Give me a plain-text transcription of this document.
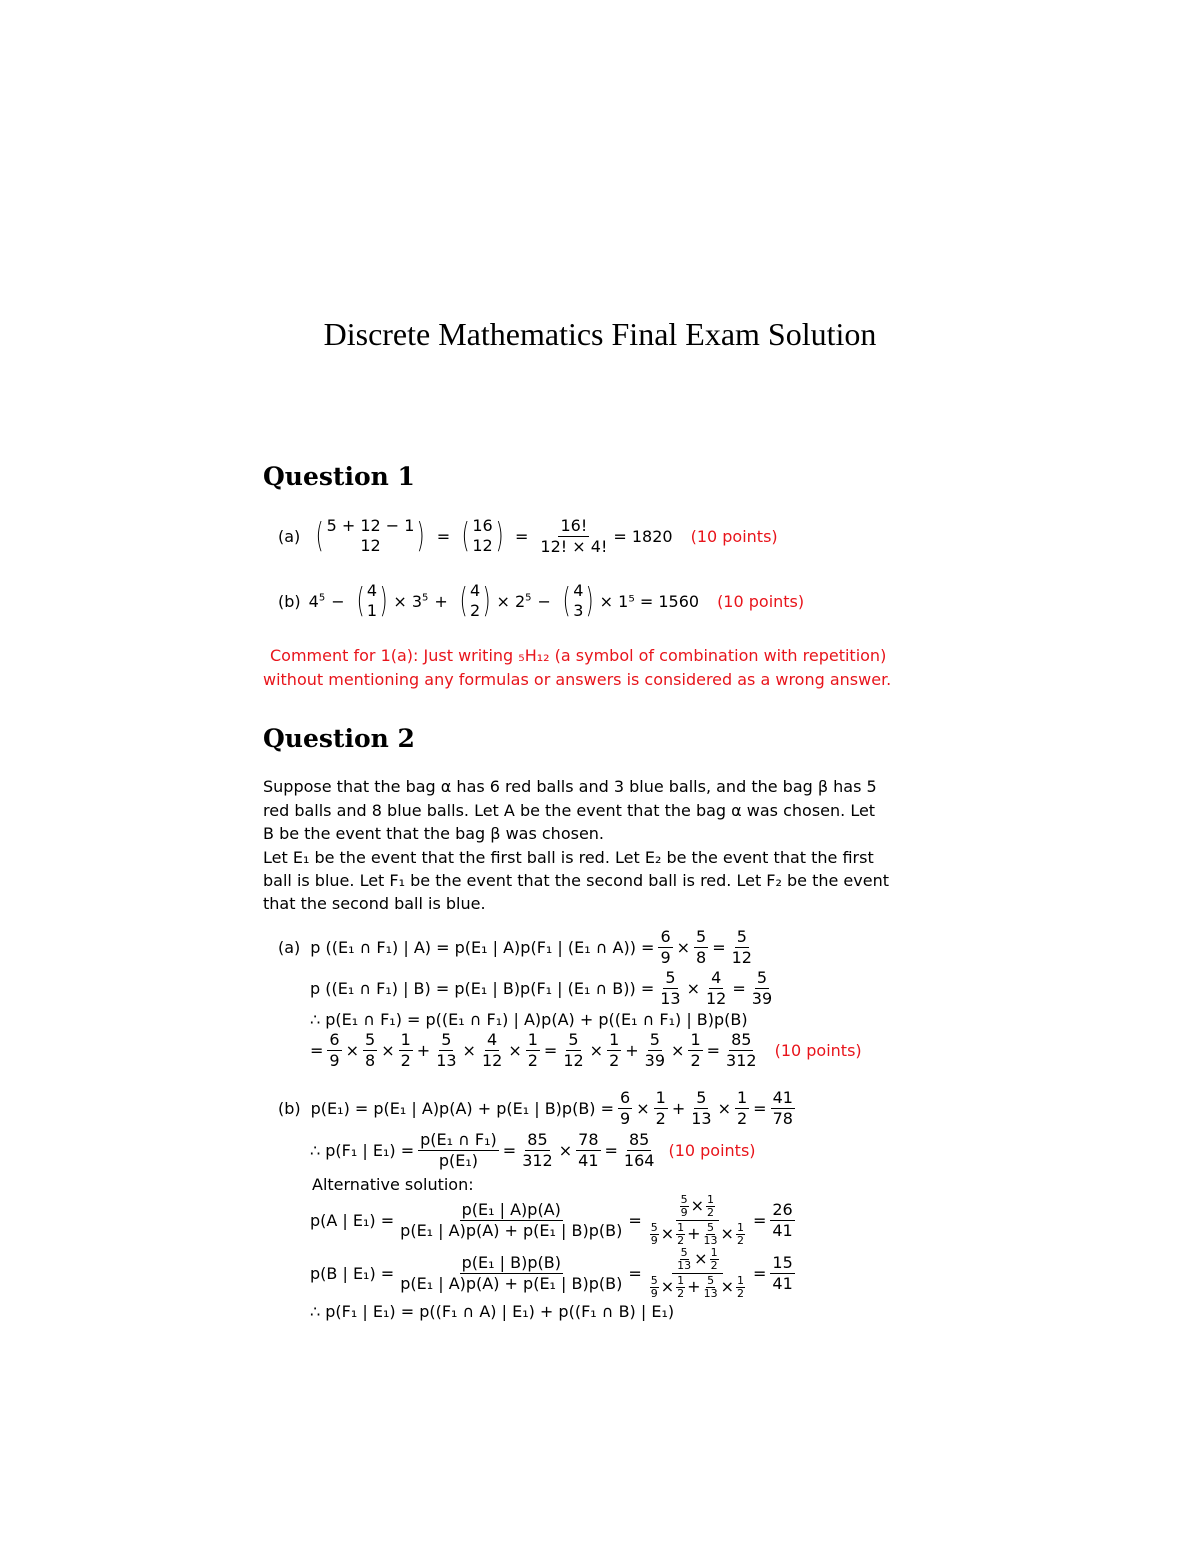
Discrete Mathematics Final Exam Solution
Question 1
(a) ( 5 + 12 − 1
12 ) = ( 16
12 ) = $\frac{16!}{12! \times 4!} = 1820$ (10 points)
(b) $4^5$ − ( 4
1 ) × $3^5$ + ( 4
2 ) × $2^5$ − ( 4
3 ) × 1⁵ = 1560 (10 points)
Comment for 1(a): Just writing ₅H₁₂ (a symbol of combination with repetition)
without mentioning any formulas or answers is considered as a wrong answer.
Question 2
Suppose that the bag α has 6 red balls and 3 blue balls, and the bag β has 5
red balls and 8 blue balls. Let A be the event that the bag α was chosen. Let
B be the event that the bag β was chosen.
Let E₁ be the event that the first ball is red. Let E₂ be the event that the first
ball is blue. Let F₁ be the event that the second ball is red. Let F₂ be the event
that the second ball is blue.
(a) p ((E₁ ∩ F₁) | A) = p(E₁ | A)p(F₁ | (E₁ ∩ $A)) = \frac{6}{9} \times \frac{5}{8} = \frac{5}{12}$
p ((E₁ ∩ F₁) | B) = p(E₁ | B)p(F₁ | (E₁ ∩ $B)) = \frac{5}{13} \times \frac{4}{12} = \frac{5}{39}$
∴ p(E₁ ∩ F₁) = p((E₁ ∩ F₁) | A)p(A) + p((E₁ ∩ F₁) | B)p(B)
= $\frac{6}{9} \times \frac{5}{8} \times \frac{1}{2} + \frac{5}{13} \times \frac{4}{12} \times \frac{1}{2} = \frac{5}{12} \times \frac{1}{2} + \frac{5}{39} \times \frac{1}{2} = \frac{85}{312} (10$ points)
(b) p(E₁) = p(E₁ | A)p(A) + p(E₁ | $B)p(B) = \frac{6}{9} \times \frac{1}{2} + \frac{5}{13} \times \frac{1}{2} = \frac{41}{78}$
∴ p(F₁ | $E_1) = \frac{\text{p(E₁ ∩ F₁)}}{\text{p(E₁)}} = \frac{85}{312} \times \frac{78}{41} = \frac{85}{164} (10$ points)
Alternative solution:
p(A | $E_1) = \frac{\text{p(E₁ | A)p(A)}}{\text{p(E₁ | A)p(A) + p(E₁ | B)p(B)}} = \frac{\frac{5}{9} \times \frac{1}{2}}{\frac{5}{9} \times \frac{1}{2} + \frac{5}{13} \times \frac{1}{2}} = \frac{26}{41}$
p(B | $E_1) = \frac{\text{p(E₁ | B)p(B)}}{\text{p(E₁ | A)p(A) + p(E₁ | B)p(B)}} = \frac{\frac{5}{13} \times \frac{1}{2}}{\frac{5}{9} \times \frac{1}{2} + \frac{5}{13} \times \frac{1}{2}} = \frac{15}{41}$
∴ p(F₁ | E₁) = p((F₁ ∩ A) | E₁) + p((F₁ ∩ B) | E₁)
